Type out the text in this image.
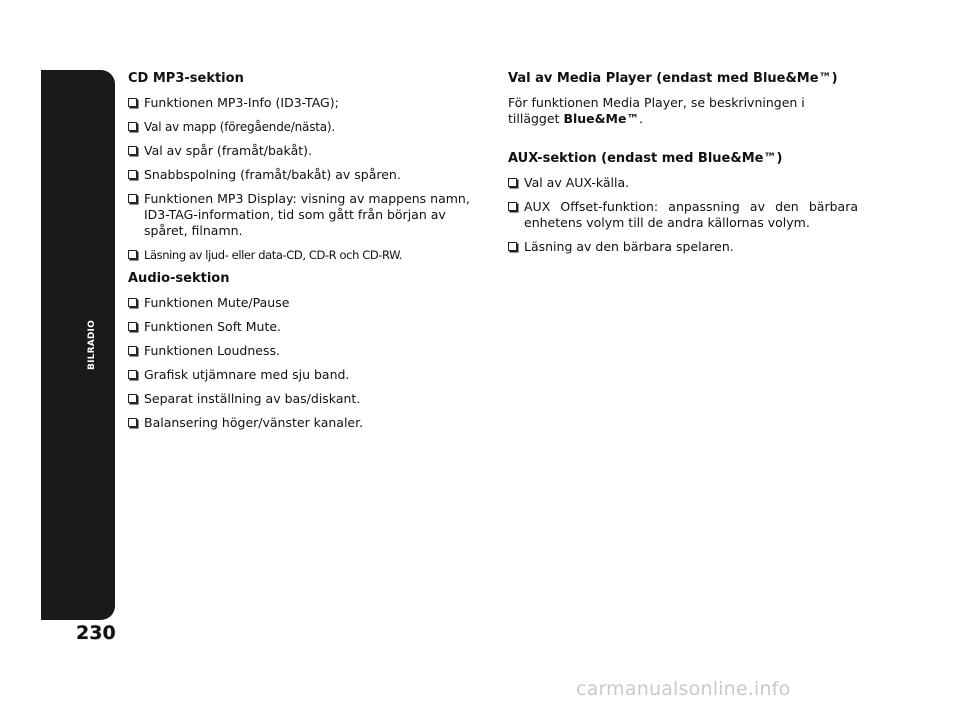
BILRADIO
230
CD MP3-sektion
Funktionen MP3-Info (ID3-TAG);
Val av mapp (föregående/nästa).
Val av spår (framåt/bakåt).
Snabbspolning (framåt/bakåt) av spåren.
Funktionen MP3 Display: visning av mappens namn, ID3-TAG-information, tid som gått från början av spåret, filnamn.
Läsning av ljud- eller data-CD, CD-R och CD-RW.
Audio-sektion
Funktionen Mute/Pause
Funktionen Soft Mute.
Funktionen Loudness.
Grafisk utjämnare med sju band.
Separat inställning av bas/diskant.
Balansering höger/vänster kanaler.
Val av Media Player (endast med Blue&Me™)
För funktionen Media Player, se beskrivningen i tillägget Blue&Me™.
AUX-sektion (endast med Blue&Me™)
Val av AUX-källa.
AUX Offset-funktion: anpassning av den bärbara enhetens volym till de andra källornas volym.
Läsning av den bärbara spelaren.
carmanualsonline.info
